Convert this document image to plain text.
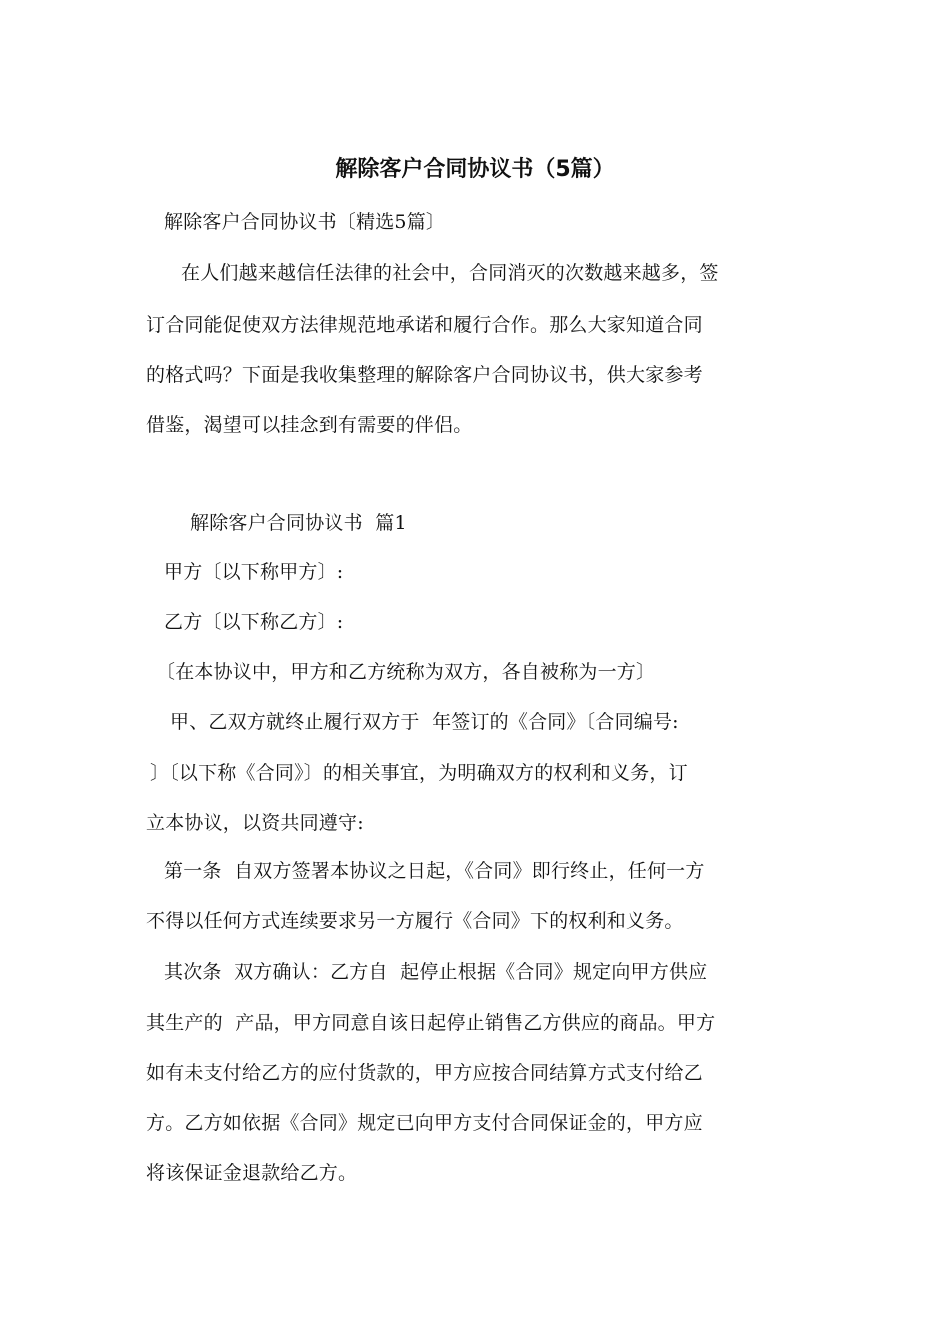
解除客户合同协议书（5篇）

解除客户合同协议书〔精选5篇〕

在人们越来越信任法律的社会中，合同消灭的次数越来越多，签

订合同能促使双方法律规范地承诺和履行合作。那么大家知道合同

的格式吗？下面是我收集整理的解除客户合同协议书，供大家参考

借鉴，渴望可以挂念到有需要的伴侣。

解除客户合同协议书  篇1

甲方〔以下称甲方〕:

乙方〔以下称乙方〕:

〔在本协议中，甲方和乙方统称为双方，各自被称为一方〕

甲、乙双方就终止履行双方于  年签订的《合同》〔合同编号:

〕〔以下称《合同》〕的相关事宜，为明确双方的权利和义务，订

立本协议，以资共同遵守:

第一条  自双方签署本协议之日起，《合同》即行终止，任何一方

不得以任何方式连续要求另一方履行《合同》下的权利和义务。

其次条  双方确认：乙方自  起停止根据《合同》规定向甲方供应

其生产的  产品，甲方同意自该日起停止销售乙方供应的商品。甲方

如有未支付给乙方的应付货款的，甲方应按合同结算方式支付给乙

方。乙方如依据《合同》规定已向甲方支付合同保证金的，甲方应

将该保证金退款给乙方。
